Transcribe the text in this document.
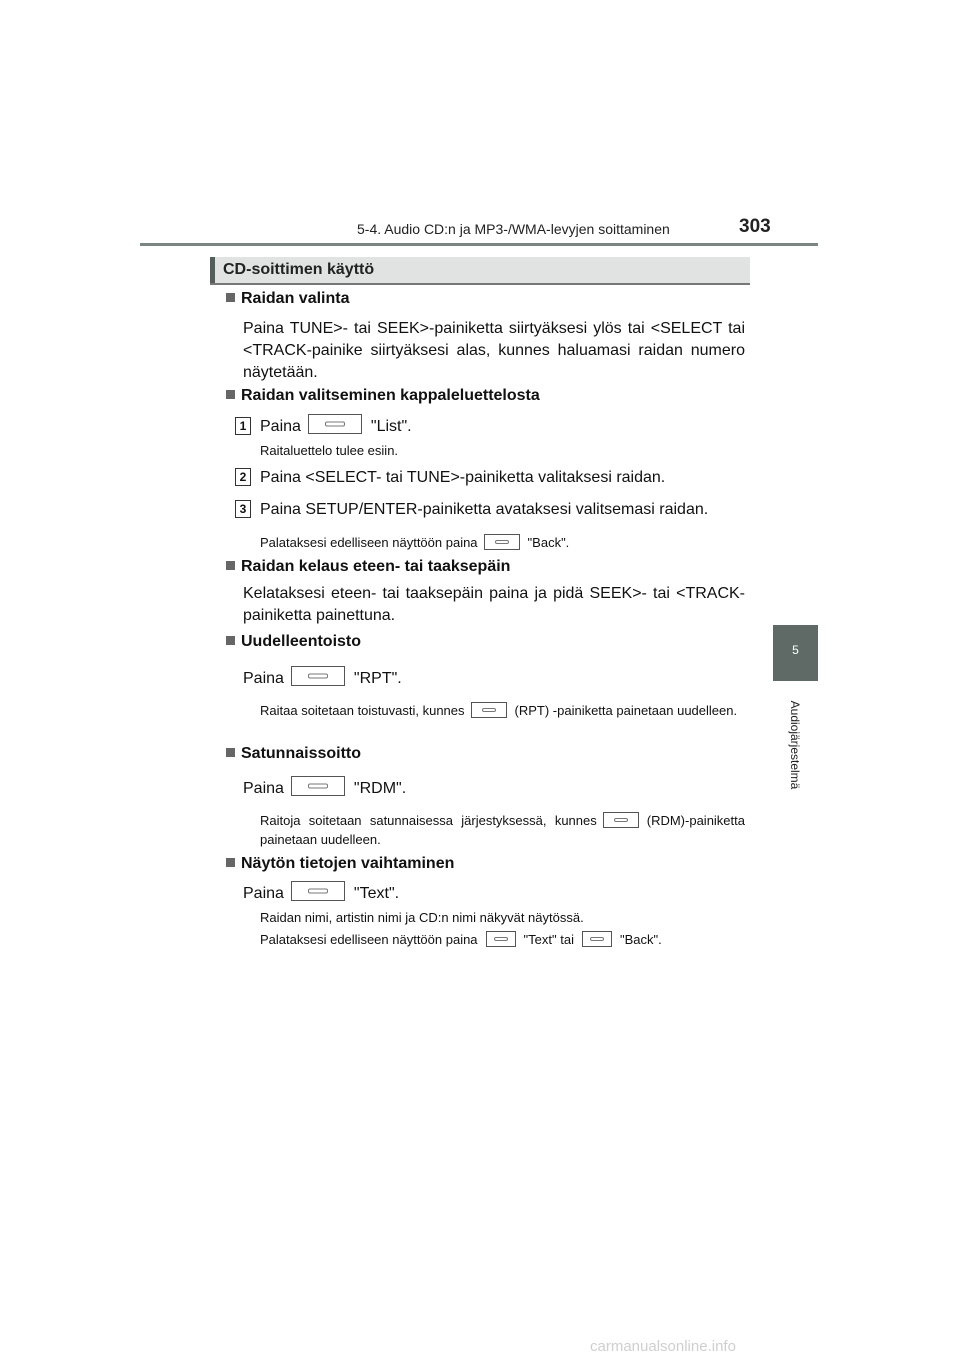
5-4. Audio CD:n ja MP3-/WMA-levyjen soittaminen	303
5
Audiojärjestelmä
CD-soittimen käyttö
Raidan valinta
Paina TUNE>- tai SEEK>-painiketta siirtyäksesi ylös tai <SELECT tai <TRACK-painike siirtyäksesi alas, kunnes haluamasi raidan numero näytetään.
Raidan valitseminen kappaleluettelosta
1 Paina	"List".
Raitaluettelo tulee esiin.
2 Paina <SELECT- tai TUNE>-painiketta valitaksesi raidan.
3 Paina SETUP/ENTER-painiketta avataksesi valitsemasi raidan.
Palataksesi edelliseen näyttöön paina	"Back".
Raidan kelaus eteen- tai taaksepäin
Kelataksesi eteen- tai taaksepäin paina ja pidä SEEK>- tai <TRACK-painiketta painettuna.
Uudelleentoisto
Paina	"RPT".
Raitaa soitetaan toistuvasti, kunnes	(RPT) -painiketta painetaan uudelleen.
Satunnaissoitto
Paina	"RDM".
Raitoja soitetaan satunnaisessa järjestyksessä, kunnes	(RDM)-painiketta painetaan uudelleen.
Näytön tietojen vaihtaminen
Paina	"Text".
Raidan nimi, artistin nimi ja CD:n nimi näkyvät näytössä.
Palataksesi edelliseen näyttöön paina	"Text" tai	"Back".
carmanualsonline.info
